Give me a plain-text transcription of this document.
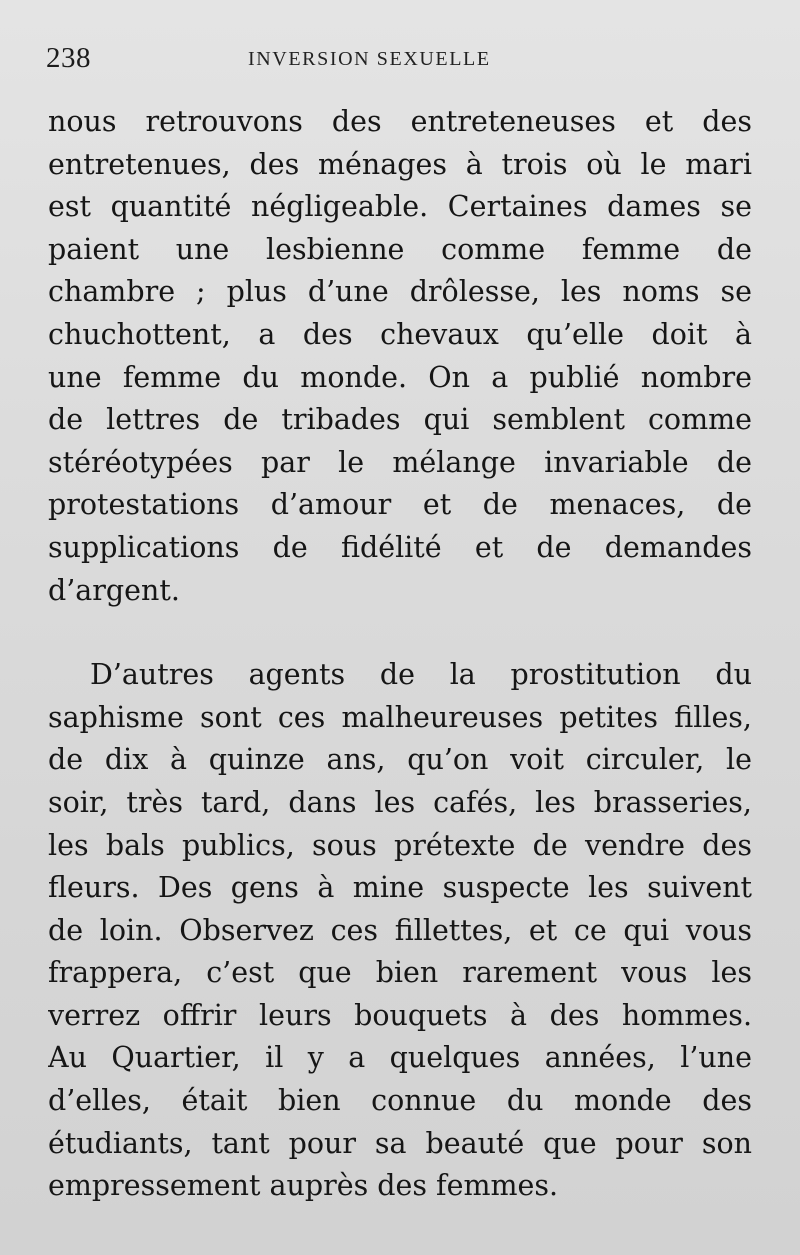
238	INVERSION SEXUELLE
nous retrouvons des entreteneuses et des
entretenues, des ménages à trois où le mari
est quantité négligeable. Certaines dames se
paient une lesbienne comme femme de
chambre ; plus d’une drôlesse, les noms se
chuchottent, a des chevaux qu’elle doit à
une femme du monde. On a publié nombre
de lettres de tribades qui semblent comme
stéréotypées par le mélange invariable de
protestations d’amour et de menaces, de
supplications de fidélité et de demandes
d’argent.
D’autres agents de la prostitution du
saphisme sont ces malheureuses petites filles,
de dix à quinze ans, qu’on voit circuler, le
soir, très tard, dans les cafés, les brasseries,
les bals publics, sous prétexte de vendre des
fleurs. Des gens à mine suspecte les suivent
de loin. Observez ces fillettes, et ce qui vous
frappera, c’est que bien rarement vous les
verrez offrir leurs bouquets à des hommes.
Au Quartier, il y a quelques années, l’une
d’elles, était bien connue du monde des
étudiants, tant pour sa beauté que pour son
empressement auprès des femmes.
